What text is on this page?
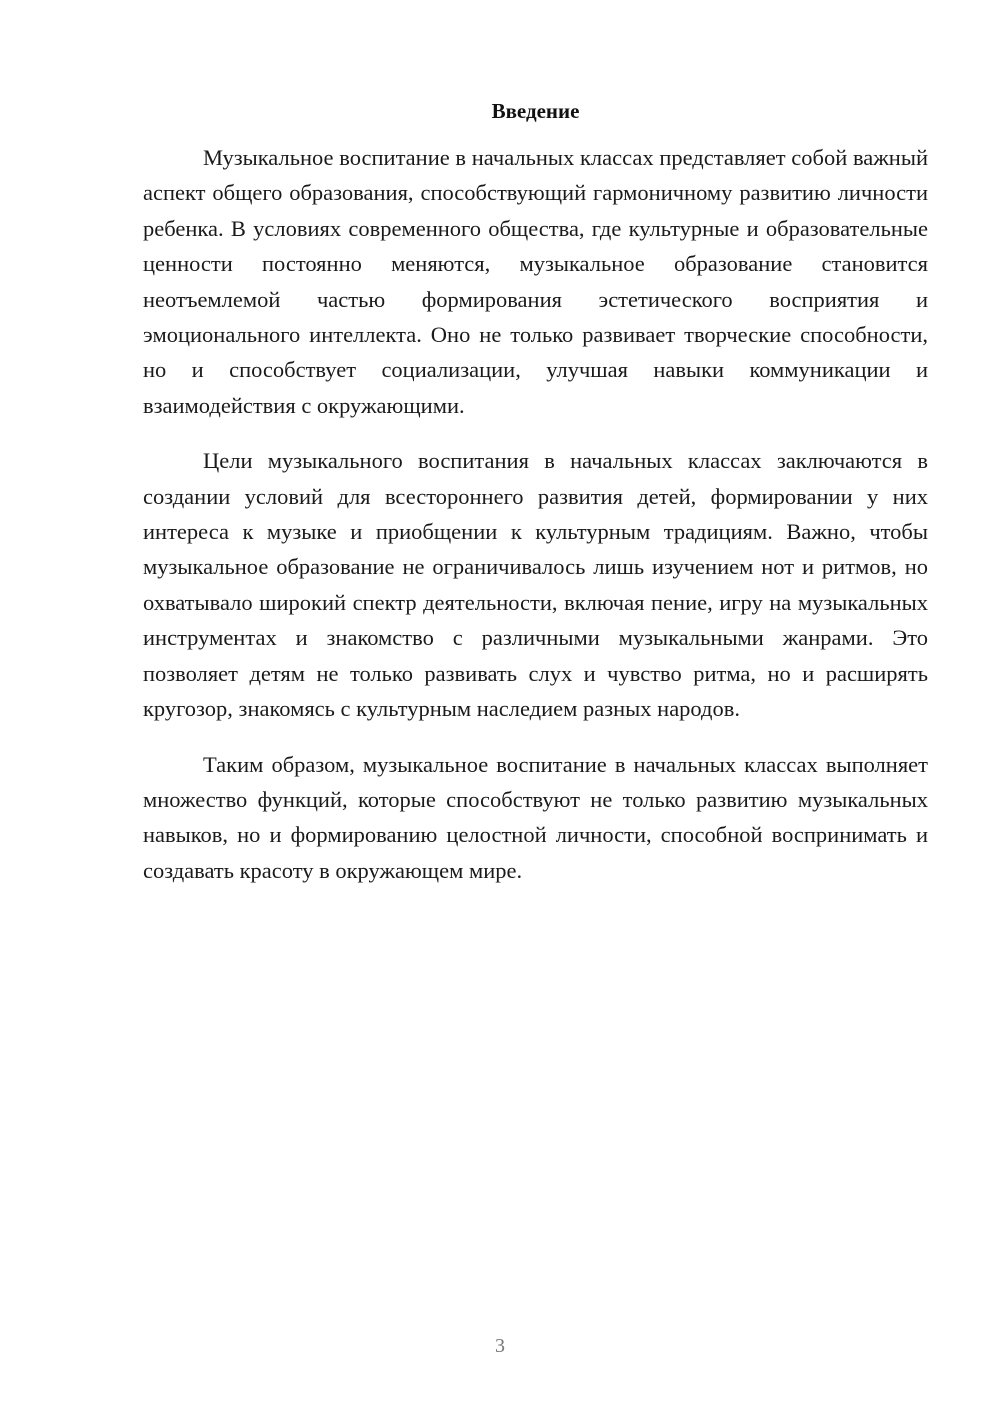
Введение

Музыкальное воспитание в начальных классах представляет собой важный аспект общего образования, способствующий гармоничному развитию личности ребенка. В условиях современного общества, где культурные и образовательные ценности постоянно меняются, музыкальное образование становится неотъемлемой частью формирования эстетического восприятия и эмоционального интеллекта. Оно не только развивает творческие способности, но и способствует социализации, улучшая навыки коммуникации и взаимодействия с окружающими.

Цели музыкального воспитания в начальных классах заключаются в создании условий для всестороннего развития детей, формировании у них интереса к музыке и приобщении к культурным традициям. Важно, чтобы музыкальное образование не ограничивалось лишь изучением нот и ритмов, но охватывало широкий спектр деятельности, включая пение, игру на музыкальных инструментах и знакомство с различными музыкальными жанрами. Это позволяет детям не только развивать слух и чувство ритма, но и расширять кругозор, знакомясь с культурным наследием разных народов.

Таким образом, музыкальное воспитание в начальных классах выполняет множество функций, которые способствуют не только развитию музыкальных навыков, но и формированию целостной личности, способной воспринимать и создавать красоту в окружающем мире.

3
